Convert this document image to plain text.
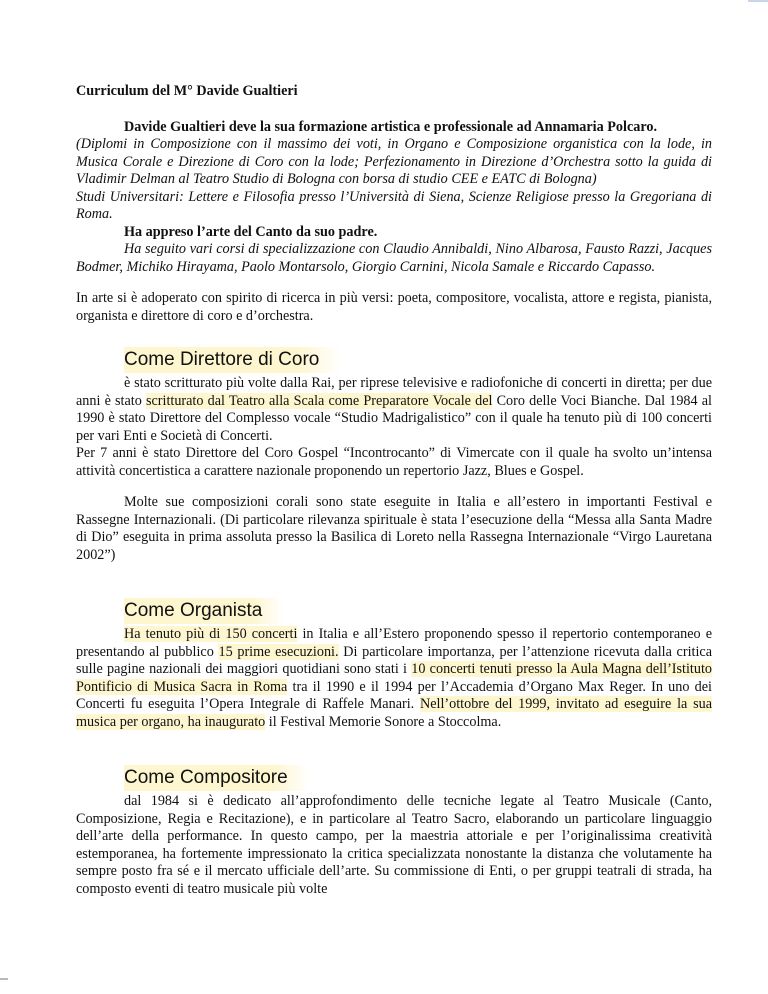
Curriculum del M° Davide Gualtieri

Davide Gualtieri deve la sua formazione artistica e professionale ad Annamaria Polcaro.

(Diplomi in Composizione con il massimo dei voti, in Organo e Composizione organistica con la lode, in Musica Corale e Direzione di Coro con la lode; Perfezionamento in Direzione d’Orchestra sotto la guida di Vladimir Delman al Teatro Studio di Bologna con borsa di studio CEE e EATC di Bologna)

Studi Universitari: Lettere e Filosofia presso l’Università di Siena, Scienze Religiose presso la Gregoriana di Roma.

Ha appreso l’arte del Canto da suo padre.

Ha seguito vari corsi di specializzazione con Claudio Annibaldi, Nino Albarosa, Fausto Razzi, Jacques Bodmer, Michiko Hirayama, Paolo Montarsolo, Giorgio Carnini, Nicola Samale e Riccardo Capasso.

In arte si è adoperato con spirito di ricerca in più versi: poeta, compositore, vocalista, attore e regista, pianista, organista e direttore di coro e d’orchestra.

Come Direttore di Coro

è stato scritturato più volte dalla Rai, per riprese televisive e radiofoniche di concerti in diretta; per due anni è stato scritturato dal Teatro alla Scala come Preparatore Vocale del Coro delle Voci Bianche. Dal 1984 al 1990 è stato Direttore del Complesso vocale “Studio Madrigalistico” con il quale ha tenuto più di 100 concerti per vari Enti e Società di Concerti.

Per 7 anni è stato Direttore del Coro Gospel “Incontrocanto” di Vimercate con il quale ha svolto un’intensa attività concertistica a carattere nazionale proponendo un repertorio Jazz, Blues e Gospel.

Molte sue composizioni corali sono state eseguite in Italia e all’estero in importanti Festival e Rassegne Internazionali. (Di particolare rilevanza spirituale è stata l’esecuzione della “Messa alla Santa Madre di Dio” eseguita in prima assoluta presso la Basilica di Loreto nella Rassegna Internazionale “Virgo Lauretana 2002”)

Come Organista

Ha tenuto più di 150 concerti in Italia e all’Estero proponendo spesso il repertorio contemporaneo e presentando al pubblico 15 prime esecuzioni. Di particolare importanza, per l’attenzione ricevuta dalla critica sulle pagine nazionali dei maggiori quotidiani sono stati i 10 concerti tenuti presso la Aula Magna dell’Istituto Pontificio di Musica Sacra in Roma tra il 1990 e il 1994 per l’Accademia d’Organo Max Reger. In uno dei Concerti fu eseguita l’Opera Integrale di Raffele Manari. Nell’ottobre del 1999, invitato ad eseguire la sua musica per organo, ha inaugurato il Festival Memorie Sonore a Stoccolma.

Come Compositore

dal 1984 si è dedicato all’approfondimento delle tecniche legate al Teatro Musicale (Canto, Composizione, Regia e Recitazione), e in particolare al Teatro Sacro, elaborando un particolare linguaggio dell’arte della performance. In questo campo, per la maestria attoriale e per l’originalissima creatività estemporanea, ha fortemente impressionato la critica specializzata nonostante la distanza che volutamente ha sempre posto fra sé e il mercato ufficiale dell’arte. Su commissione di Enti, o per gruppi teatrali di strada, ha composto eventi di teatro musicale più volte
